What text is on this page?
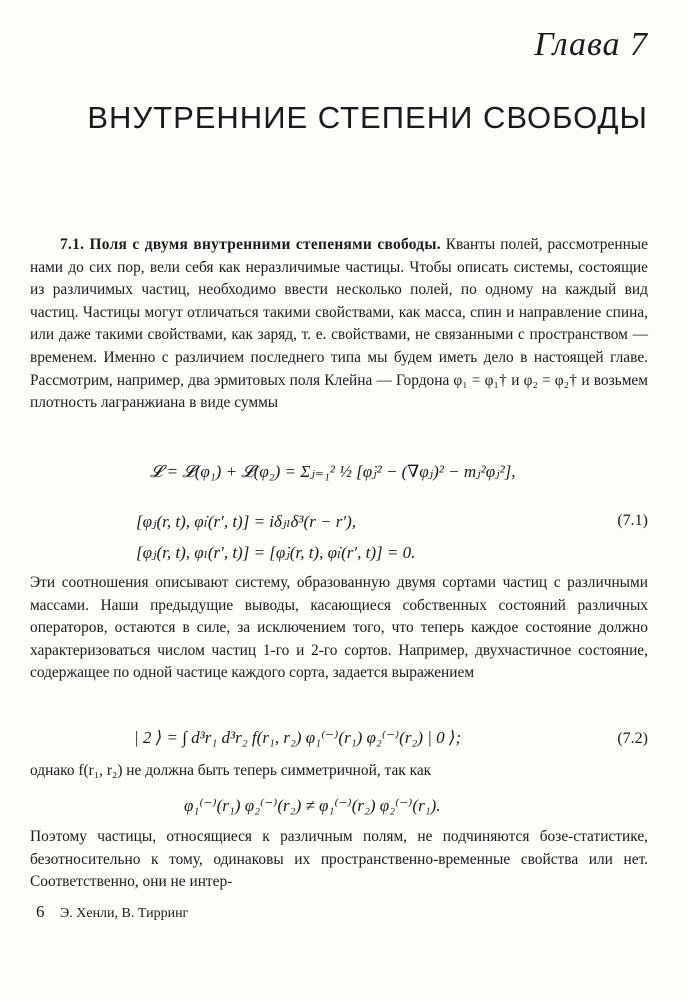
Глава 7
ВНУТРЕННИЕ СТЕПЕНИ СВОБОДЫ
7.1. Поля с двумя внутренними степенями свободы. Кванты полей, рассмотренные нами до сих пор, вели себя как неразличимые частицы. Чтобы описать системы, состоящие из различимых частиц, необходимо ввести несколько полей, по одному на каждый вид частиц. Частицы могут отличаться такими свойствами, как масса, спин и направление спина, или даже такими свойствами, как заряд, т. е. свойствами, не связанными с пространством — временем. Именно с различием последнего типа мы будем иметь дело в настоящей главе. Рассмотрим, например, два эрмитовых поля Клейна — Гордона φ₁ = φ₁† и φ₂ = φ₂† и возьмем плотность лагранжиана в виде суммы
𝓛 = 𝓛(φ₁) + 𝓛(φ₂) = Σⱼ₌₁² ½ [φ̇ⱼ² − (∇φⱼ)² − mⱼ²φⱼ²],
[φⱼ(r, t), φ̇ₗ(r′, t)] = iδⱼₗδ³(r − r′),	(7.1)
[φⱼ(r, t), φₗ(r′, t)] = [φ̇ⱼ(r, t), φ̇ₗ(r′, t)] = 0.
Эти соотношения описывают систему, образованную двумя сортами частиц с различными массами. Наши предыдущие выводы, касающиеся собственных состояний различных операторов, остаются в силе, за исключением того, что теперь каждое состояние должно характеризоваться числом частиц 1-го и 2-го сортов. Например, двухчастичное состояние, содержащее по одной частице каждого сорта, задается выражением
| 2 ⟩ = ∫ d³r₁ d³r₂ f(r₁, r₂) φ₁⁽⁻⁾(r₁) φ₂⁽⁻⁾(r₂) | 0 ⟩;	(7.2)
однако f(r₁, r₂) не должна быть теперь симметричной, так как
φ₁⁽⁻⁾(r₁) φ₂⁽⁻⁾(r₂) ≠ φ₁⁽⁻⁾(r₂) φ₂⁽⁻⁾(r₁).
Поэтому частицы, относящиеся к различным полям, не подчиняются бозе-статистике, безотносительно к тому, одинаковы их пространственно-временные свойства или нет. Соответственно, они не интер-
6 Э. Хенли, В. Тирринг
